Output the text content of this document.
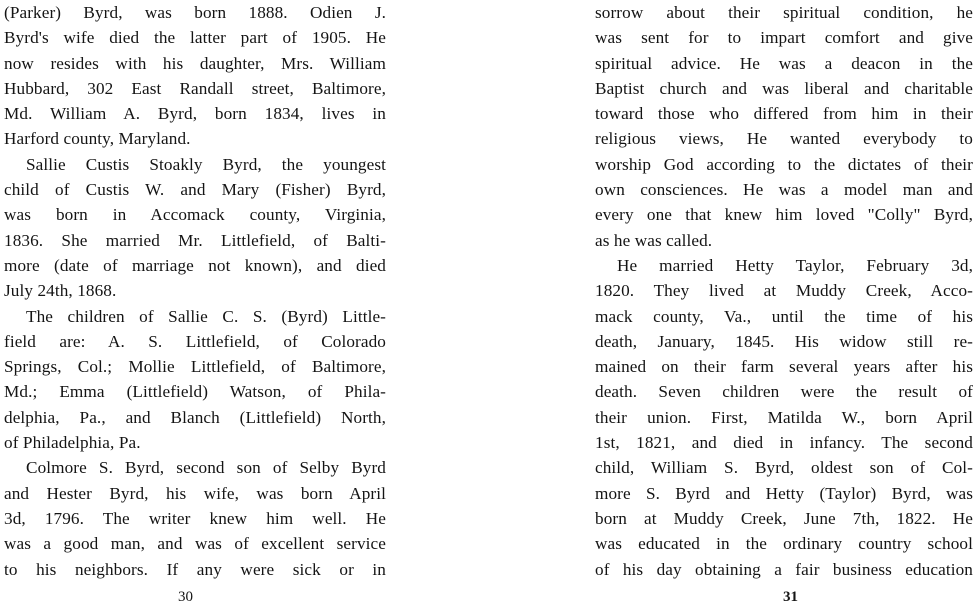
(Parker) Byrd, was born 1888. Odien J.
Byrd's wife died the latter part of 1905. He
now resides with his daughter, Mrs. William
Hubbard, 302 East Randall street, Baltimore,
Md. William A. Byrd, born 1834, lives in
Harford county, Maryland.
Sallie Custis Stoakly Byrd, the youngest
child of Custis W. and Mary (Fisher) Byrd,
was born in Accomack county, Virginia,
1836. She married Mr. Littlefield, of Balti-
more (date of marriage not known), and died
July 24th, 1868.
The children of Sallie C. S. (Byrd) Little-
field are: A. S. Littlefield, of Colorado
Springs, Col.; Mollie Littlefield, of Baltimore,
Md.; Emma (Littlefield) Watson, of Phila-
delphia, Pa., and Blanch (Littlefield) North,
of Philadelphia, Pa.
Colmore S. Byrd, second son of Selby Byrd
and Hester Byrd, his wife, was born April
3d, 1796. The writer knew him well. He
was a good man, and was of excellent service
to his neighbors. If any were sick or in
30
sorrow about their spiritual condition, he
was sent for to impart comfort and give
spiritual advice. He was a deacon in the
Baptist church and was liberal and charitable
toward those who differed from him in their
religious views, He wanted everybody to
worship God according to the dictates of their
own consciences. He was a model man and
every one that knew him loved "Colly" Byrd,
as he was called.
He married Hetty Taylor, February 3d,
1820. They lived at Muddy Creek, Acco-
mack county, Va., until the time of his
death, January, 1845. His widow still re-
mained on their farm several years after his
death. Seven children were the result of
their union. First, Matilda W., born April
1st, 1821, and died in infancy. The second
child, William S. Byrd, oldest son of Col-
more S. Byrd and Hetty (Taylor) Byrd, was
born at Muddy Creek, June 7th, 1822. He
was educated in the ordinary country school
of his day obtaining a fair business education
31
